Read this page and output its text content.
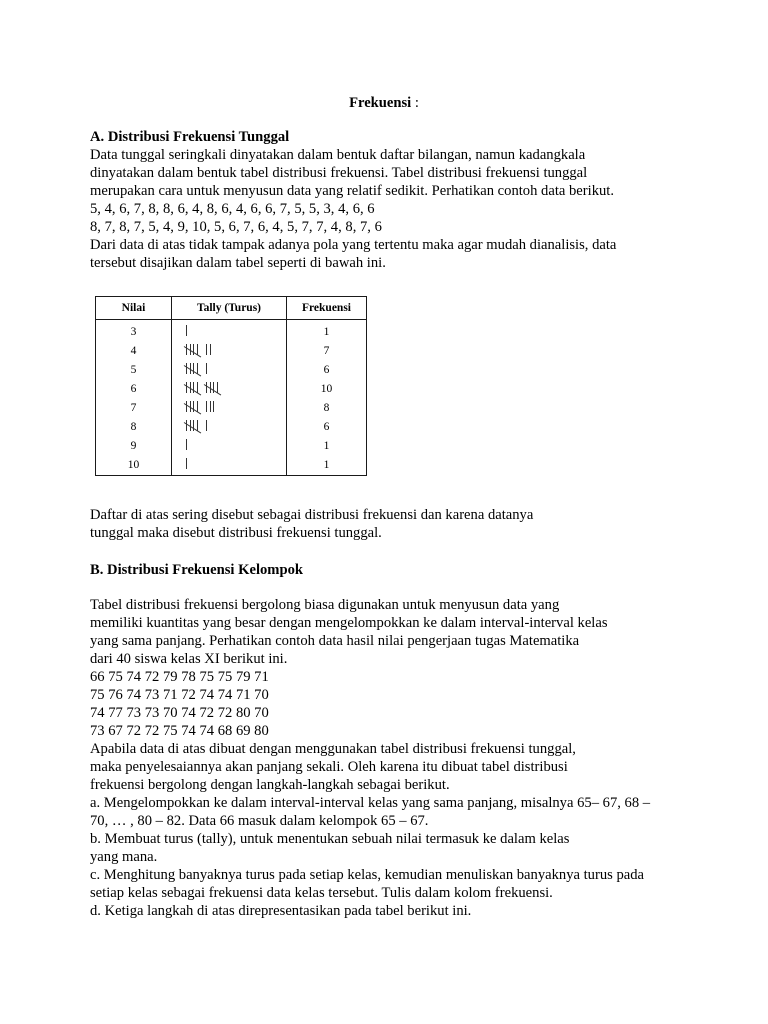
Frekuensi :
A. Distribusi Frekuensi Tunggal
Data tunggal seringkali dinyatakan dalam bentuk daftar bilangan, namun kadangkala
dinyatakan dalam bentuk tabel distribusi frekuensi. Tabel distribusi frekuensi tunggal
merupakan cara untuk menyusun data yang relatif sedikit. Perhatikan contoh data berikut.
5, 4, 6, 7, 8, 8, 6, 4, 8, 6, 4, 6, 6, 7, 5, 5, 3, 4, 6, 6
8, 7, 8, 7, 5, 4, 9, 10, 5, 6, 7, 6, 4, 5, 7, 7, 4, 8, 7, 6
Dari data di atas tidak tampak adanya pola yang tertentu maka agar mudah dianalisis, data
tersebut disajikan dalam tabel seperti di bawah ini.
Nilai	Tally (Turus)	Frekuensi
3		1
4		7
5		6
6		10
7		8
8		6
9		1
10		1
Daftar di atas sering disebut sebagai distribusi frekuensi dan karena datanya
tunggal maka disebut distribusi frekuensi tunggal.
B. Distribusi Frekuensi Kelompok
Tabel distribusi frekuensi bergolong biasa digunakan untuk menyusun data yang
memiliki kuantitas yang besar dengan mengelompokkan ke dalam interval-interval kelas
yang sama panjang. Perhatikan contoh data hasil nilai pengerjaan tugas Matematika
dari 40 siswa kelas XI berikut ini.
66 75 74 72 79 78 75 75 79 71
75 76 74 73 71 72 74 74 71 70
74 77 73 73 70 74 72 72 80 70
73 67 72 72 75 74 74 68 69 80
Apabila data di atas dibuat dengan menggunakan tabel distribusi frekuensi tunggal,
maka penyelesaiannya akan panjang sekali. Oleh karena itu dibuat tabel distribusi
frekuensi bergolong dengan langkah-langkah sebagai berikut.
a. Mengelompokkan ke dalam interval-interval kelas yang sama panjang, misalnya 65– 67, 68 –
70, … , 80 – 82. Data 66 masuk dalam kelompok 65 – 67.
b. Membuat turus (tally), untuk menentukan sebuah nilai termasuk ke dalam kelas
yang mana.
c. Menghitung banyaknya turus pada setiap kelas, kemudian menuliskan banyaknya turus pada
setiap kelas sebagai frekuensi data kelas tersebut. Tulis dalam kolom frekuensi.
d. Ketiga langkah di atas direpresentasikan pada tabel berikut ini.
